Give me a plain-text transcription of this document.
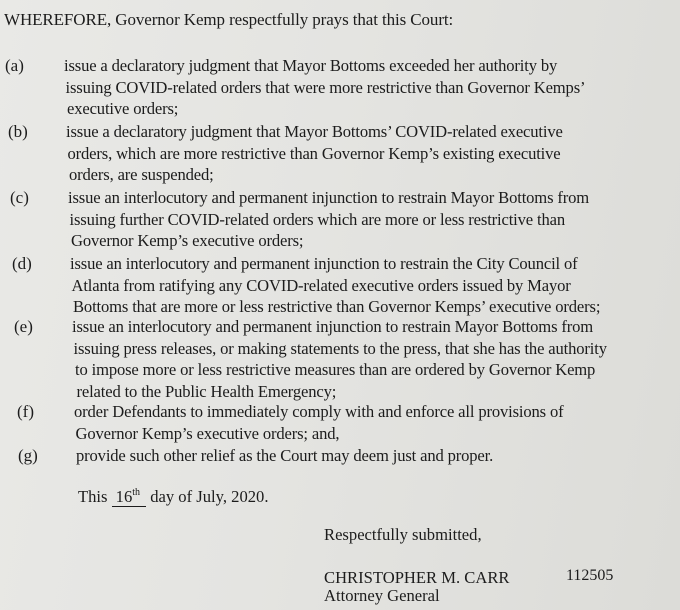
WHEREFORE, Governor Kemp respectfully prays that this Court:
(a) issue a declaratory judgment that Mayor Bottoms exceeded her authority by
issuing COVID-related orders that were more restrictive than Governor Kemps’
executive orders;
(b) issue a declaratory judgment that Mayor Bottoms’ COVID-related executive
orders, which are more restrictive than Governor Kemp’s existing executive
orders, are suspended;
(c) issue an interlocutory and permanent injunction to restrain Mayor Bottoms from
issuing further COVID-related orders which are more or less restrictive than
Governor Kemp’s executive orders;
(d) issue an interlocutory and permanent injunction to restrain the City Council of
Atlanta from ratifying any COVID-related executive orders issued by Mayor
Bottoms that are more or less restrictive than Governor Kemps’ executive orders;
(e) issue an interlocutory and permanent injunction to restrain Mayor Bottoms from
issuing press releases, or making statements to the press, that she has the authority
to impose more or less restrictive measures than are ordered by Governor Kemp
related to the Public Health Emergency;
(f) order Defendants to immediately comply with and enforce all provisions of
Governor Kemp’s executive orders; and,
(g) provide such other relief as the Court may deem just and proper.
This 16th day of July, 2020.
Respectfully submitted,
CHRISTOPHER M. CARR	112505
Attorney General
